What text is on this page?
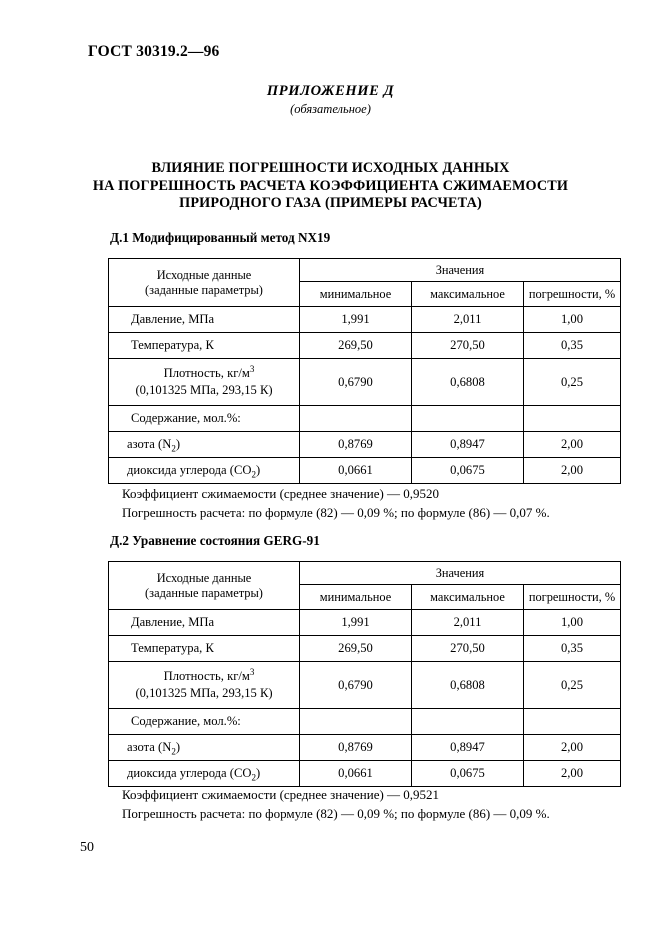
ГОСТ 30319.2—96
ПРИЛОЖЕНИЕ Д
(обязательное)
ВЛИЯНИЕ ПОГРЕШНОСТИ ИСХОДНЫХ ДАННЫХ
НА ПОГРЕШНОСТЬ РАСЧЕТА КОЭФФИЦИЕНТА СЖИМАЕМОСТИ
ПРИРОДНОГО ГАЗА (ПРИМЕРЫ РАСЧЕТА)
Д.1 Модифицированный метод NX19
Исходные данные
(заданные параметры)	Значения		
	минимальное	максимальное	погрешности, %
Давление, МПа	1,991	2,011	1,00
Температура, К	269,50	270,50	0,35

Плотность, $кг/м^3$
(0,101325 МПа, 293,15 К)	0,6790	0,6808	0,25
Содержание, мол.%:			
азота $(N_2)$	0,8769	0,8947	2,00
диоксида углерода $(СО_2)$	0,0661	0,0675	2,00
Коэффициент сжимаемости (среднее значение) — 0,9520
Погрешность расчета: по формуле (82) — 0,09 %; по формуле (86) — 0,07 %.
Д.2 Уравнение состояния GERG-91
Исходные данные
(заданные параметры)	Значения		
	минимальное	максимальное	погрешности, %
Давление, МПа	1,991	2,011	1,00
Температура, К	269,50	270,50	0,35

Плотность, $кг/м^3$
(0,101325 МПа, 293,15 К)	0,6790	0,6808	0,25
Содержание, мол.%:			
азота $(N_2)$	0,8769	0,8947	2,00
диоксида углерода $(СО_2)$	0,0661	0,0675	2,00
Коэффициент сжимаемости (среднее значение) — 0,9521
Погрешность расчета: по формуле (82) — 0,09 %; по формуле (86) — 0,09 %.
50
